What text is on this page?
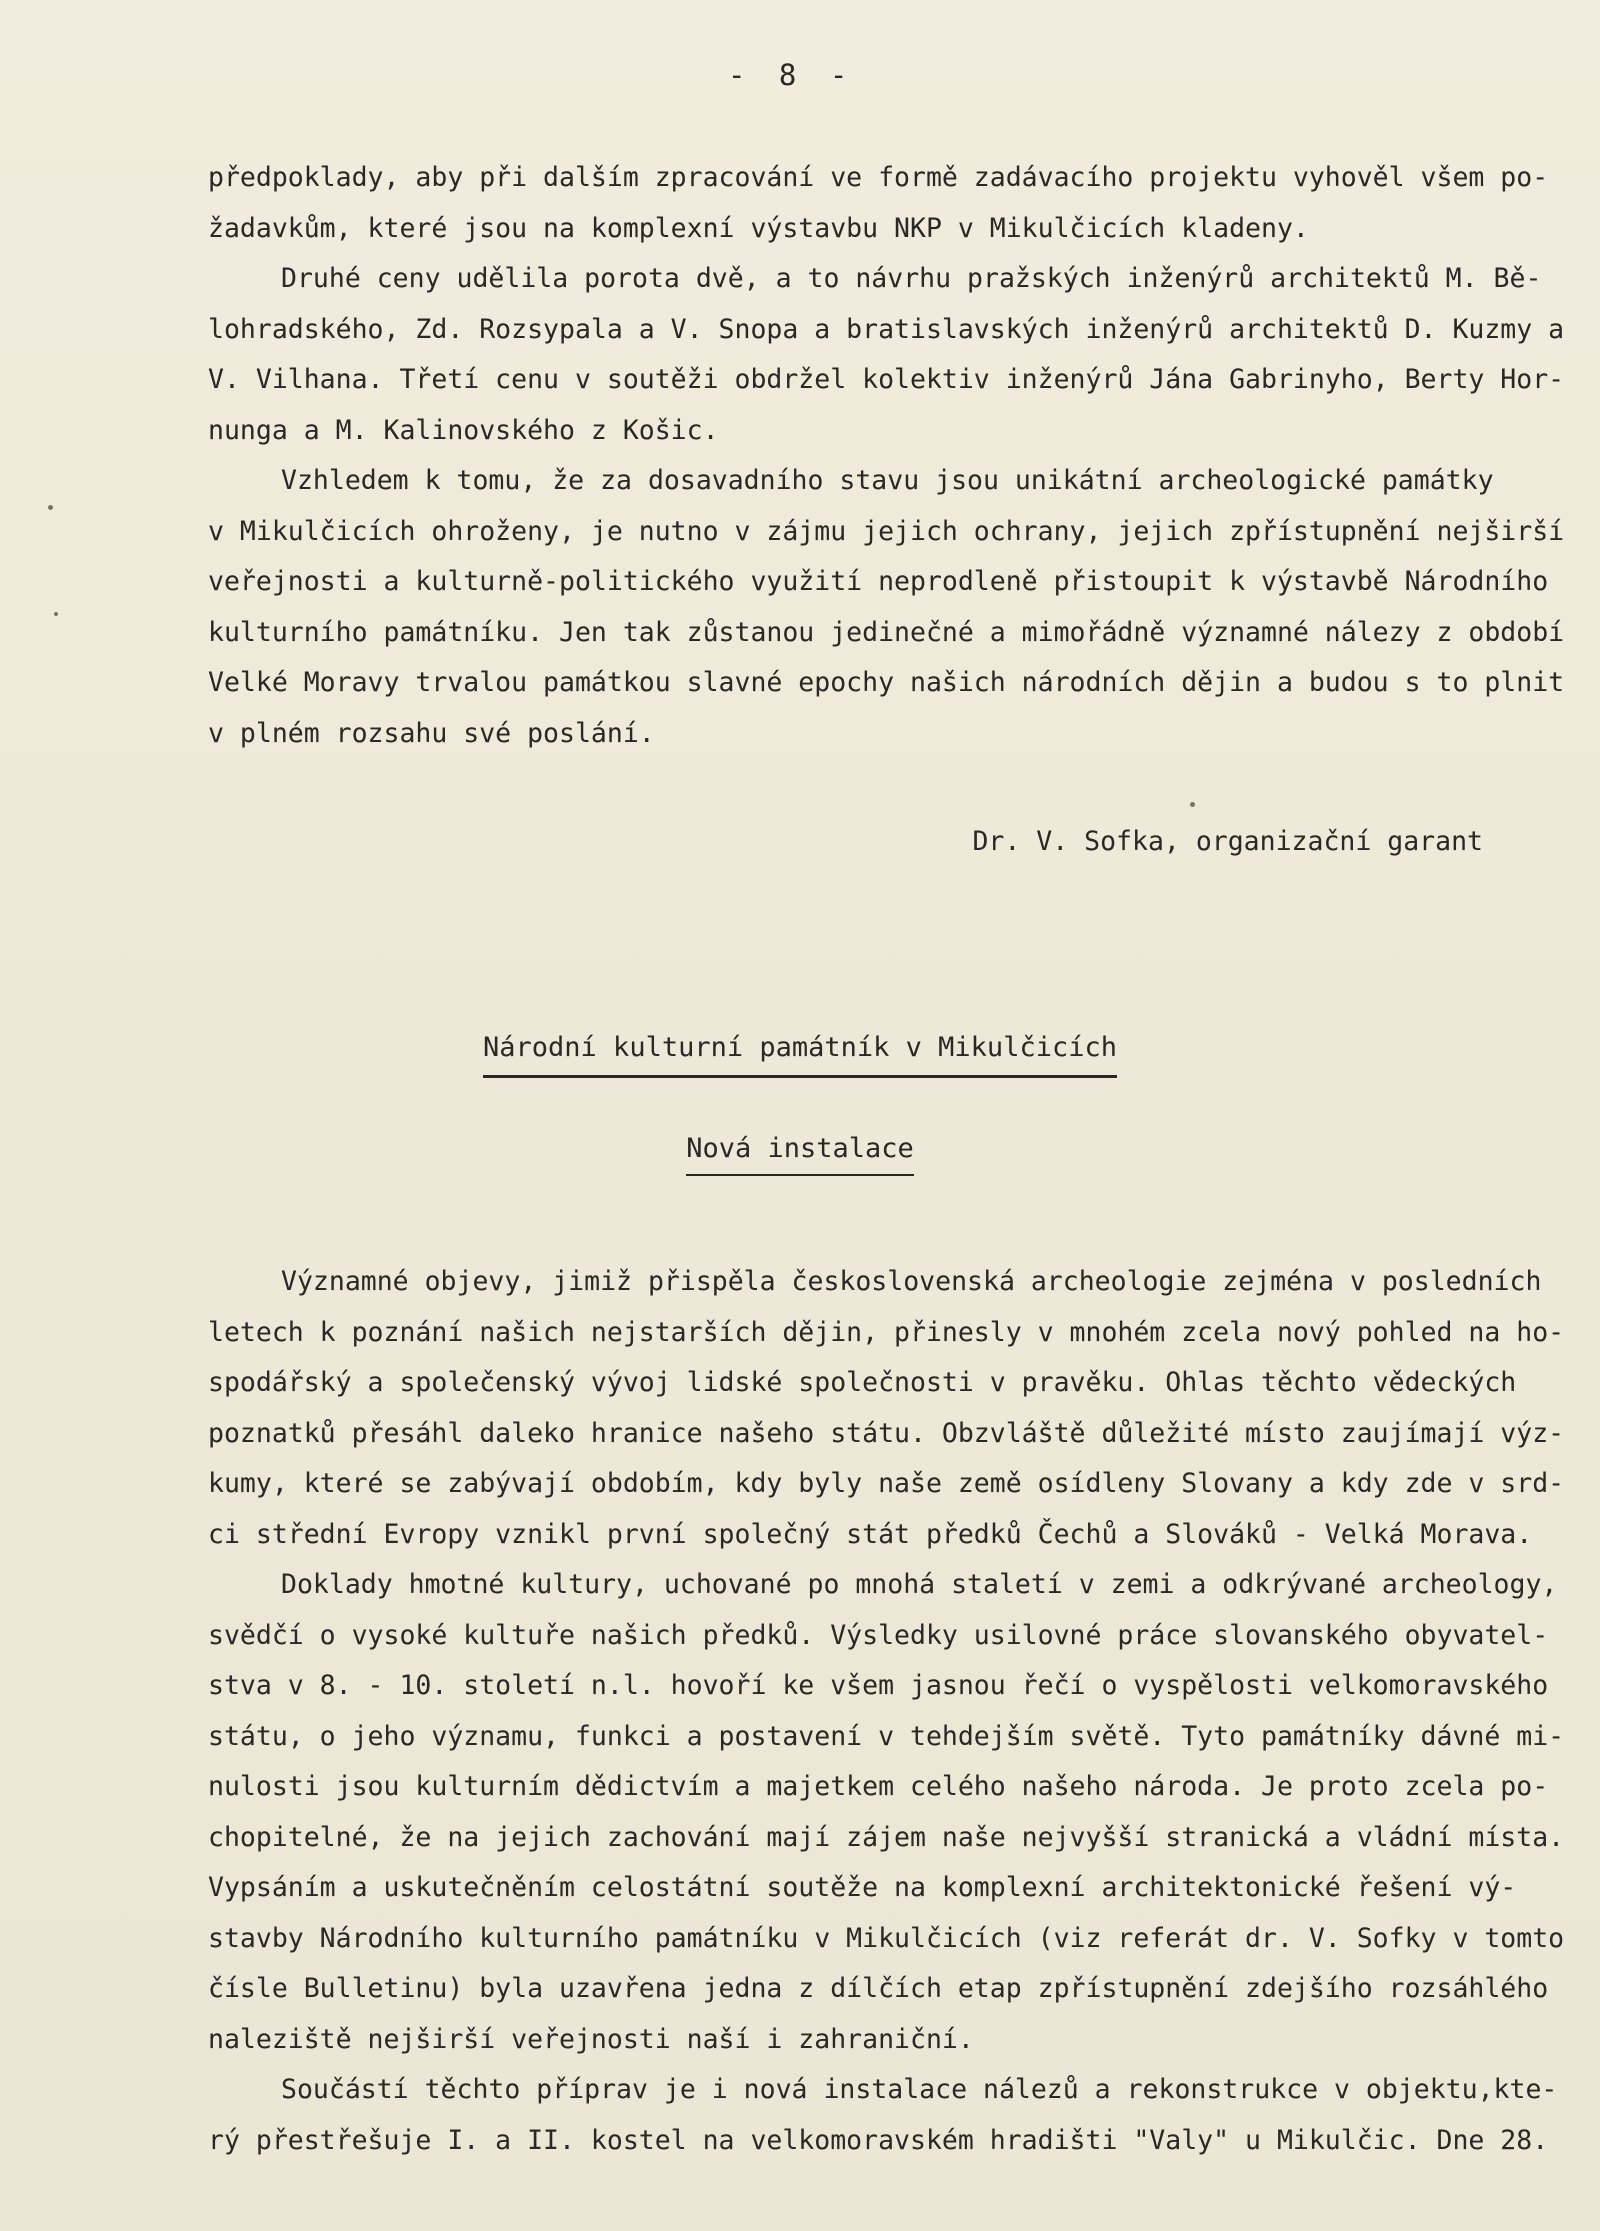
- 8 -

předpoklady, aby při dalším zpracování ve formě zadávacího projektu vyhověl všem po-
žadavkům, které jsou na komplexní výstavbu NKP v Mikulčicích kladeny.

Druhé ceny udělila porota dvě, a to návrhu pražských inženýrů architektů M. Bě-
lohradského, Zd. Rozsypala a V. Snopa a bratislavských inženýrů architektů D. Kuzmy a
V. Vilhana. Třetí cenu v soutěži obdržel kolektiv inženýrů Jána Gabrinyho, Berty Hor-
nunga a M. Kalinovského z Košic.

Vzhledem k tomu, že za dosavadního stavu jsou unikátní archeologické památky
v Mikulčicích ohroženy, je nutno v zájmu jejich ochrany, jejich zpřístupnění nejširší
veřejnosti a kulturně-politického využití neprodleně přistoupit k výstavbě Národního
kulturního památníku. Jen tak zůstanou jedinečné a mimořádně významné nálezy z období
Velké Moravy trvalou památkou slavné epochy našich národních dějin a budou s to plnit
v plném rozsahu své poslání.

Dr. V. Sofka, organizační garant
Národní kulturní památník v Mikulčicích
Nová instalace

Významné objevy, jimiž přispěla československá archeologie zejména v posledních
letech k poznání našich nejstarších dějin, přinesly v mnohém zcela nový pohled na ho-
spodářský a společenský vývoj lidské společnosti v pravěku. Ohlas těchto vědeckých
poznatků přesáhl daleko hranice našeho státu. Obzvláště důležité místo zaujímají výz-
kumy, které se zabývají obdobím, kdy byly naše země osídleny Slovany a kdy zde v srd-
ci střední Evropy vznikl první společný stát předků Čechů a Slováků - Velká Morava.

Doklady hmotné kultury, uchované po mnohá staletí v zemi a odkrývané archeology,
svědčí o vysoké kultuře našich předků. Výsledky usilovné práce slovanského obyvatel-
stva v 8. - 10. století n.l. hovoří ke všem jasnou řečí o vyspělosti velkomoravského
státu, o jeho významu, funkci a postavení v tehdejším světě. Tyto památníky dávné mi-
nulosti jsou kulturním dědictvím a majetkem celého našeho národa. Je proto zcela po-
chopitelné, že na jejich zachování mají zájem naše nejvyšší stranická a vládní místa.
Vypsáním a uskutečněním celostátní soutěže na komplexní architektonické řešení vý-
stavby Národního kulturního památníku v Mikulčicích (viz referát dr. V. Sofky v tomto
čísle Bulletinu) byla uzavřena jedna z dílčích etap zpřístupnění zdejšího rozsáhlého
naleziště nejširší veřejnosti naší i zahraniční.

Součástí těchto příprav je i nová instalace nálezů a rekonstrukce v objektu,kte-
rý přestřešuje I. a II. kostel na velkomoravském hradišti "Valy" u Mikulčic. Dne 28.
